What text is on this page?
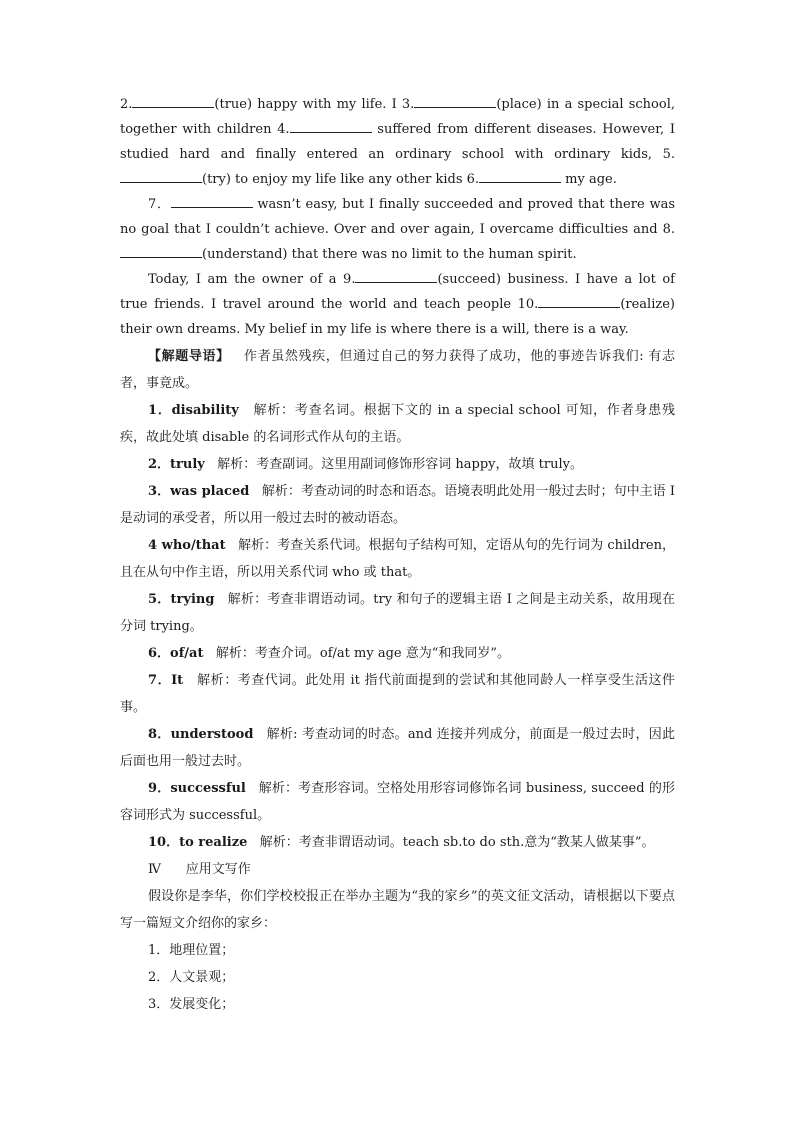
2.	(true) happy with my life. I 3.	(place) in a special school, together with children 4.	suffered from different diseases. However, I studied hard and finally entered an ordinary school with ordinary kids, 5.(try) to enjoy my life like any other kids 6.	my age.

7．	wasn’t easy, but I finally succeeded and proved that there was no goal that I couldn’t achieve. Over and over again, I overcame difficulties and 8.(understand) that there was no limit to the human spirit.

Today, I am the owner of a 9.	(succeed) business. I have a lot of true friends. I travel around the world and teach people 10.	(realize) their own dreams. My belief in my life is where there is a will, there is a way.

【解题导语】 作者虽然残疾，但通过自己的努力获得了成功，他的事迹告诉我们: 有志者，事竟成。

1．disability 解析：考查名词。根据下文的 in a special school 可知，作者身患残疾，故此处填 disable 的名词形式作从句的主语。

2．truly 解析：考查副词。这里用副词修饰形容词 happy，故填 truly。

3．was placed 解析：考查动词的时态和语态。语境表明此处用一般过去时；句中主语 I 是动词的承受者，所以用一般过去时的被动语态。

4 who/that 解析：考查关系代词。根据句子结构可知，定语从句的先行词为 children，且在从句中作主语，所以用关系代词 who 或 that。

5．trying 解析：考查非谓语动词。try 和句子的逻辑主语 I 之间是主动关系，故用现在分词 trying。

6．of/at 解析：考查介词。of/at my age 意为“和我同岁”。

7．It 解析：考查代词。此处用 it 指代前面提到的尝试和其他同龄人一样享受生活这件事。

8．understood 解析: 考查动词的时态。and 连接并列成分，前面是一般过去时，因此后面也用一般过去时。

9．successful 解析：考查形容词。空格处用形容词修饰名词 business, succeed 的形容词形式为 successful。

10．to realize 解析：考查非谓语动词。teach sb.to do sth.意为“教某人做某事”。

Ⅳ 应用文写作

假设你是李华，你们学校校报正在举办主题为“我的家乡”的英文征文活动，请根据以下要点写一篇短文介绍你的家乡：

1．地理位置；

2．人文景观；

3．发展变化；
